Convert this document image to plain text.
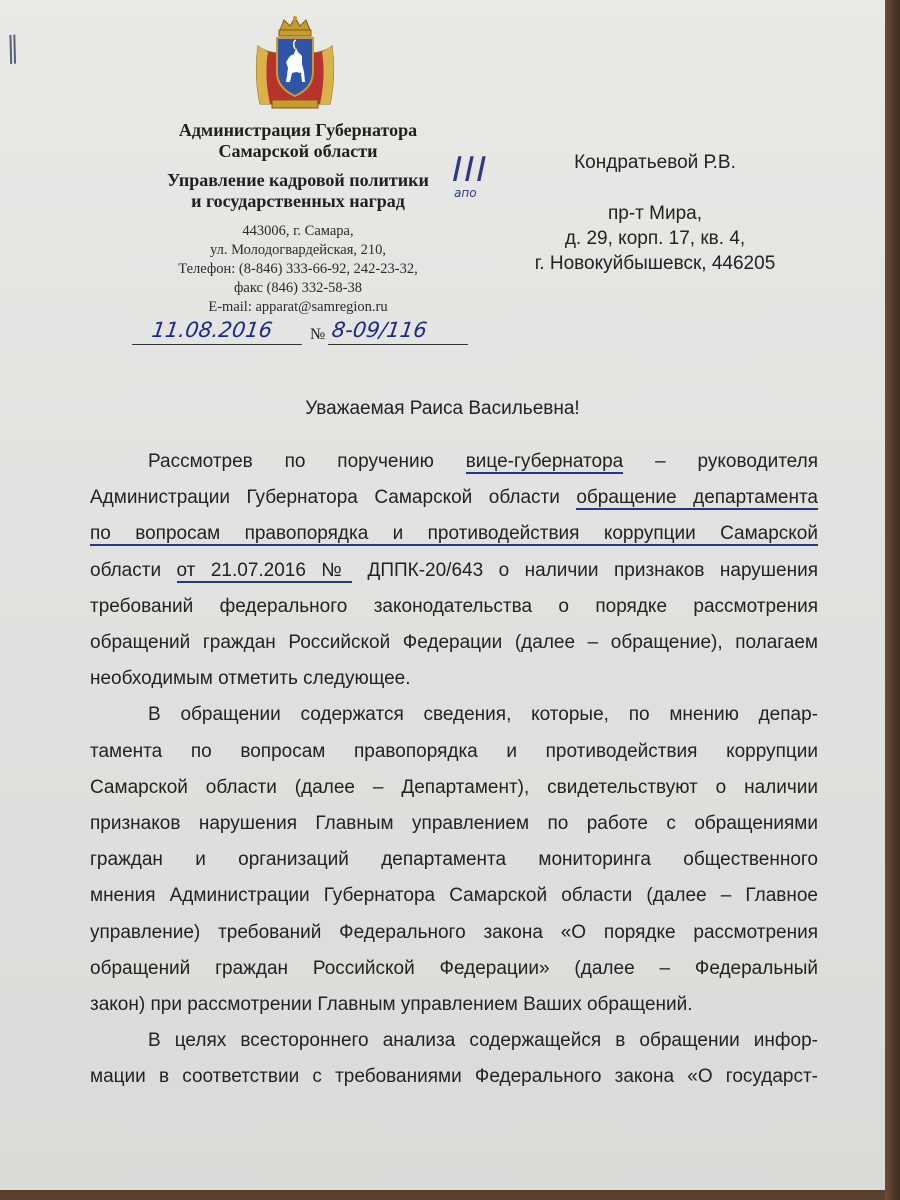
II
Администрация Губернатора
Самарской области
Управление кадровой политики
и государственных наград
443006, г. Самара,
ул. Молодогвардейская, 210,
Телефон: (8-846) 333-66-92, 242-23-32,
факс (846) 332-58-38
E-mail: apparat@samregion.ru
11.08.2016 № 8-09/116
III
апо
Кондратьевой Р.В.
пр-т Мира,
д. 29, корп. 17, кв. 4,
г. Новокуйбышевск, 446205
Уважаемая Раиса Васильевна!
Рассмотрев по поручению вице-губернатора – руководителя
Администрации Губернатора Самарской области обращение департамента
по вопросам правопорядка и противодействия коррупции Самарской
области от 21.07.2016 № ДППК-20/643 о наличии признаков нарушения
требований федерального законодательства о порядке рассмотрения
обращений граждан Российской Федерации (далее – обращение), полагаем
необходимым отметить следующее.
В обращении содержатся сведения, которые, по мнению депар-
тамента по вопросам правопорядка и противодействия коррупции
Самарской области (далее – Департамент), свидетельствуют о наличии
признаков нарушения Главным управлением по работе с обращениями
граждан и организаций департамента мониторинга общественного
мнения Администрации Губернатора Самарской области (далее – Главное
управление) требований Федерального закона «О порядке рассмотрения
обращений граждан Российской Федерации» (далее – Федеральный
закон) при рассмотрении Главным управлением Ваших обращений.
В целях всестороннего анализа содержащейся в обращении инфор-
мации в соответствии с требованиями Федерального закона «О государст-
